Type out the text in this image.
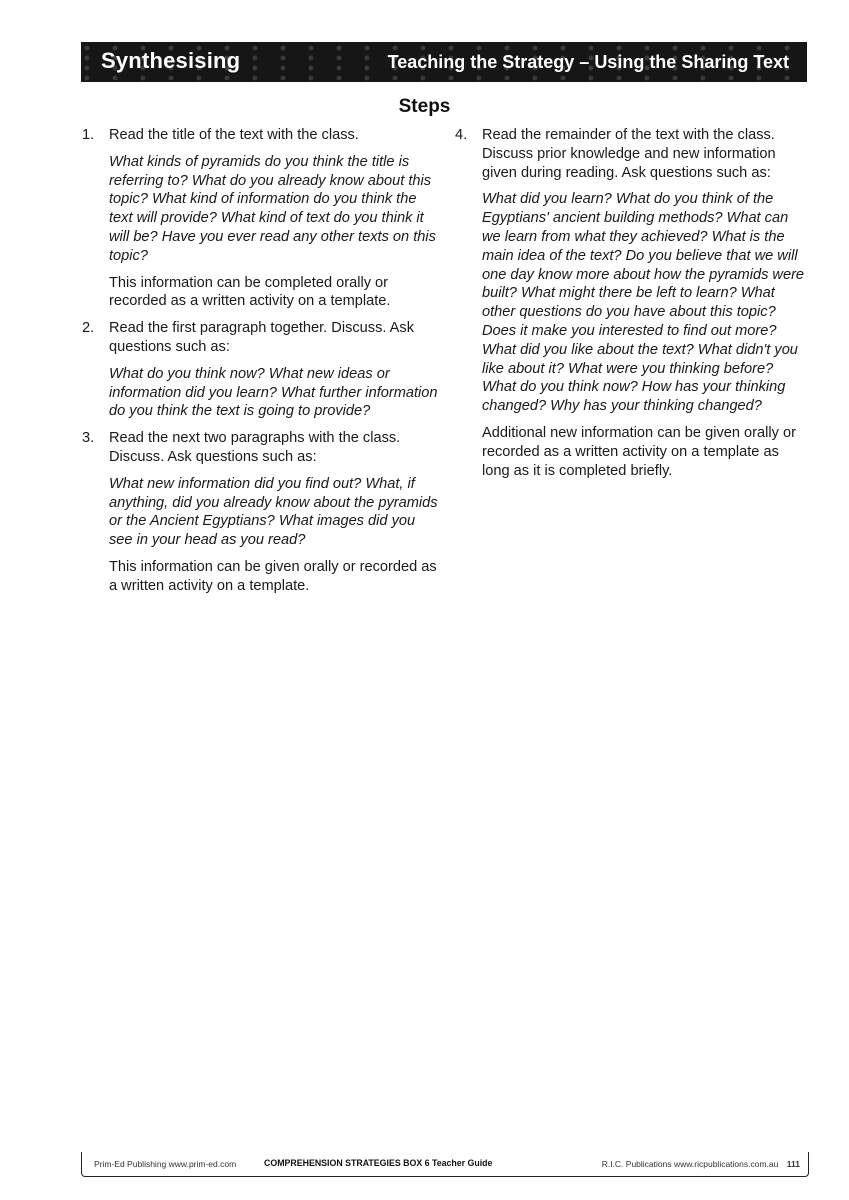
Synthesising	Teaching the Strategy – Using the Sharing Text
Steps
1. Read the title of the text with the class.

What kinds of pyramids do you think the title is referring to? What do you already know about this topic? What kind of information do you think the text will provide? What kind of text do you think it will be? Have you ever read any other texts on this topic?

This information can be completed orally or recorded as a written activity on a template.

2. Read the first paragraph together. Discuss. Ask questions such as:

What do you think now? What new ideas or information did you learn? What further information do you think the text is going to provide?

3. Read the next two paragraphs with the class. Discuss. Ask questions such as:

What new information did you find out? What, if anything, did you already know about the pyramids or the Ancient Egyptians? What images did you see in your head as you read?

This information can be given orally or recorded as a written activity on a template.

4. Read the remainder of the text with the class. Discuss prior knowledge and new information given during reading. Ask questions such as:

What did you learn? What do you think of the Egyptians' ancient building methods? What can we learn from what they achieved? What is the main idea of the text? Do you believe that we will one day know more about how the pyramids were built? What might there be left to learn? What other questions do you have about this topic? Does it make you interested to find out more? What did you like about the text? What didn't you like about it? What were you thinking before? What do you think now? How has your thinking changed? Why has your thinking changed?

Additional new information can be given orally or recorded as a written activity on a template as long as it is completed briefly.

Prim-Ed Publishing www.prim-ed.com	COMPREHENSION STRATEGIES BOX 6 Teacher Guide	R.I.C. Publications www.ricpublications.com.au 111
